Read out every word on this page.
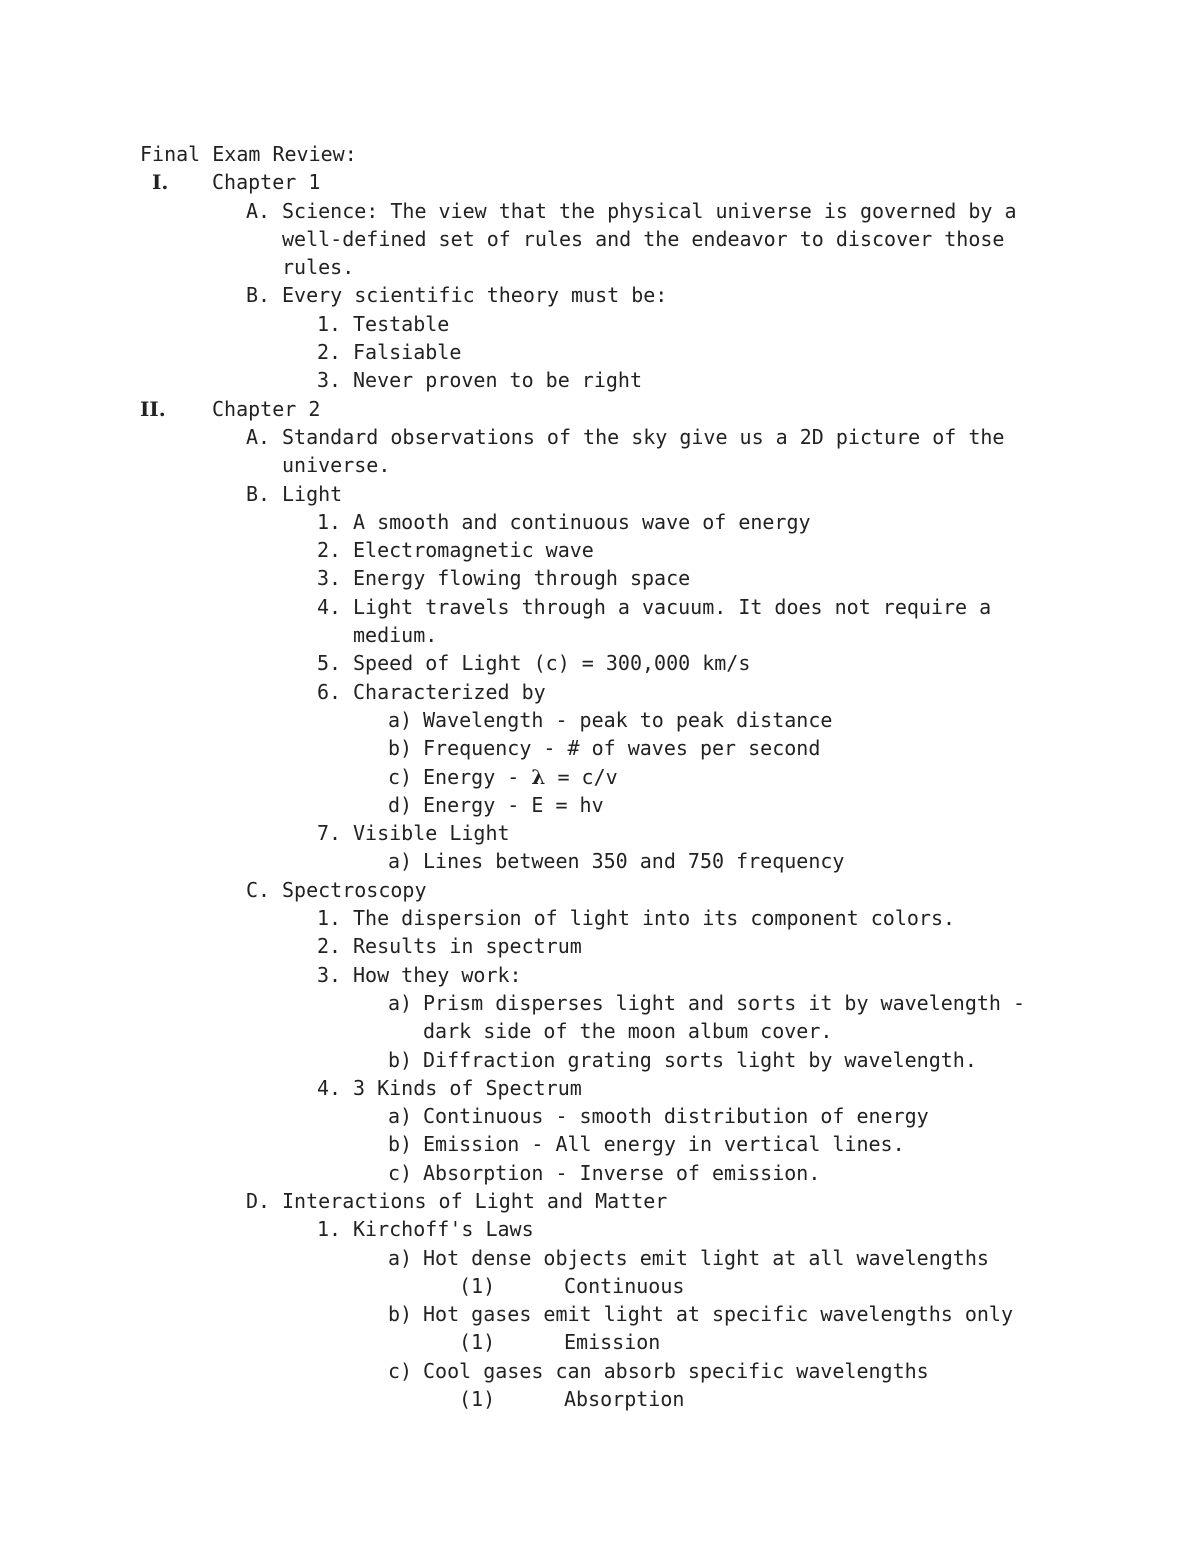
Final Exam Review:

I.

Chapter 1

A.

Science: The view that the physical universe is governed by a

well-defined set of rules and the endeavor to discover those

rules.

B.

Every scientific theory must be:

1.

Testable

2.

Falsiable

3.

Never proven to be right

II.

Chapter 2

A.

Standard observations of the sky give us a 2D picture of the

universe.

B.

Light

1.

A smooth and continuous wave of energy

2.

Electromagnetic wave

3.

Energy flowing through space

4.

Light travels through a vacuum. It does not require a

medium.

5.

Speed of Light (c) = 300,000 km/s

6.

Characterized by

a)

Wavelength - peak to peak distance

b)

Frequency - # of waves per second

c)

Energy - λ = c/v

d)

Energy - E = hv

7.

Visible Light

a)

Lines between 350 and 750 frequency

C.

Spectroscopy

1.

The dispersion of light into its component colors.

2.

Results in spectrum

3.

How they work:

a)

Prism disperses light and sorts it by wavelength -

dark side of the moon album cover.

b)

Diffraction grating sorts light by wavelength.

4.

3 Kinds of Spectrum

a)

Continuous - smooth distribution of energy

b)

Emission - All energy in vertical lines.

c)

Absorption - Inverse of emission.

D.

Interactions of Light and Matter

1.

Kirchoff's Laws

a)

Hot dense objects emit light at all wavelengths

(1)

	Continuous

b)

Hot gases emit light at specific wavelengths only

(1)

	Emission

c)

Cool gases can absorb specific wavelengths

(1)

	Absorption
